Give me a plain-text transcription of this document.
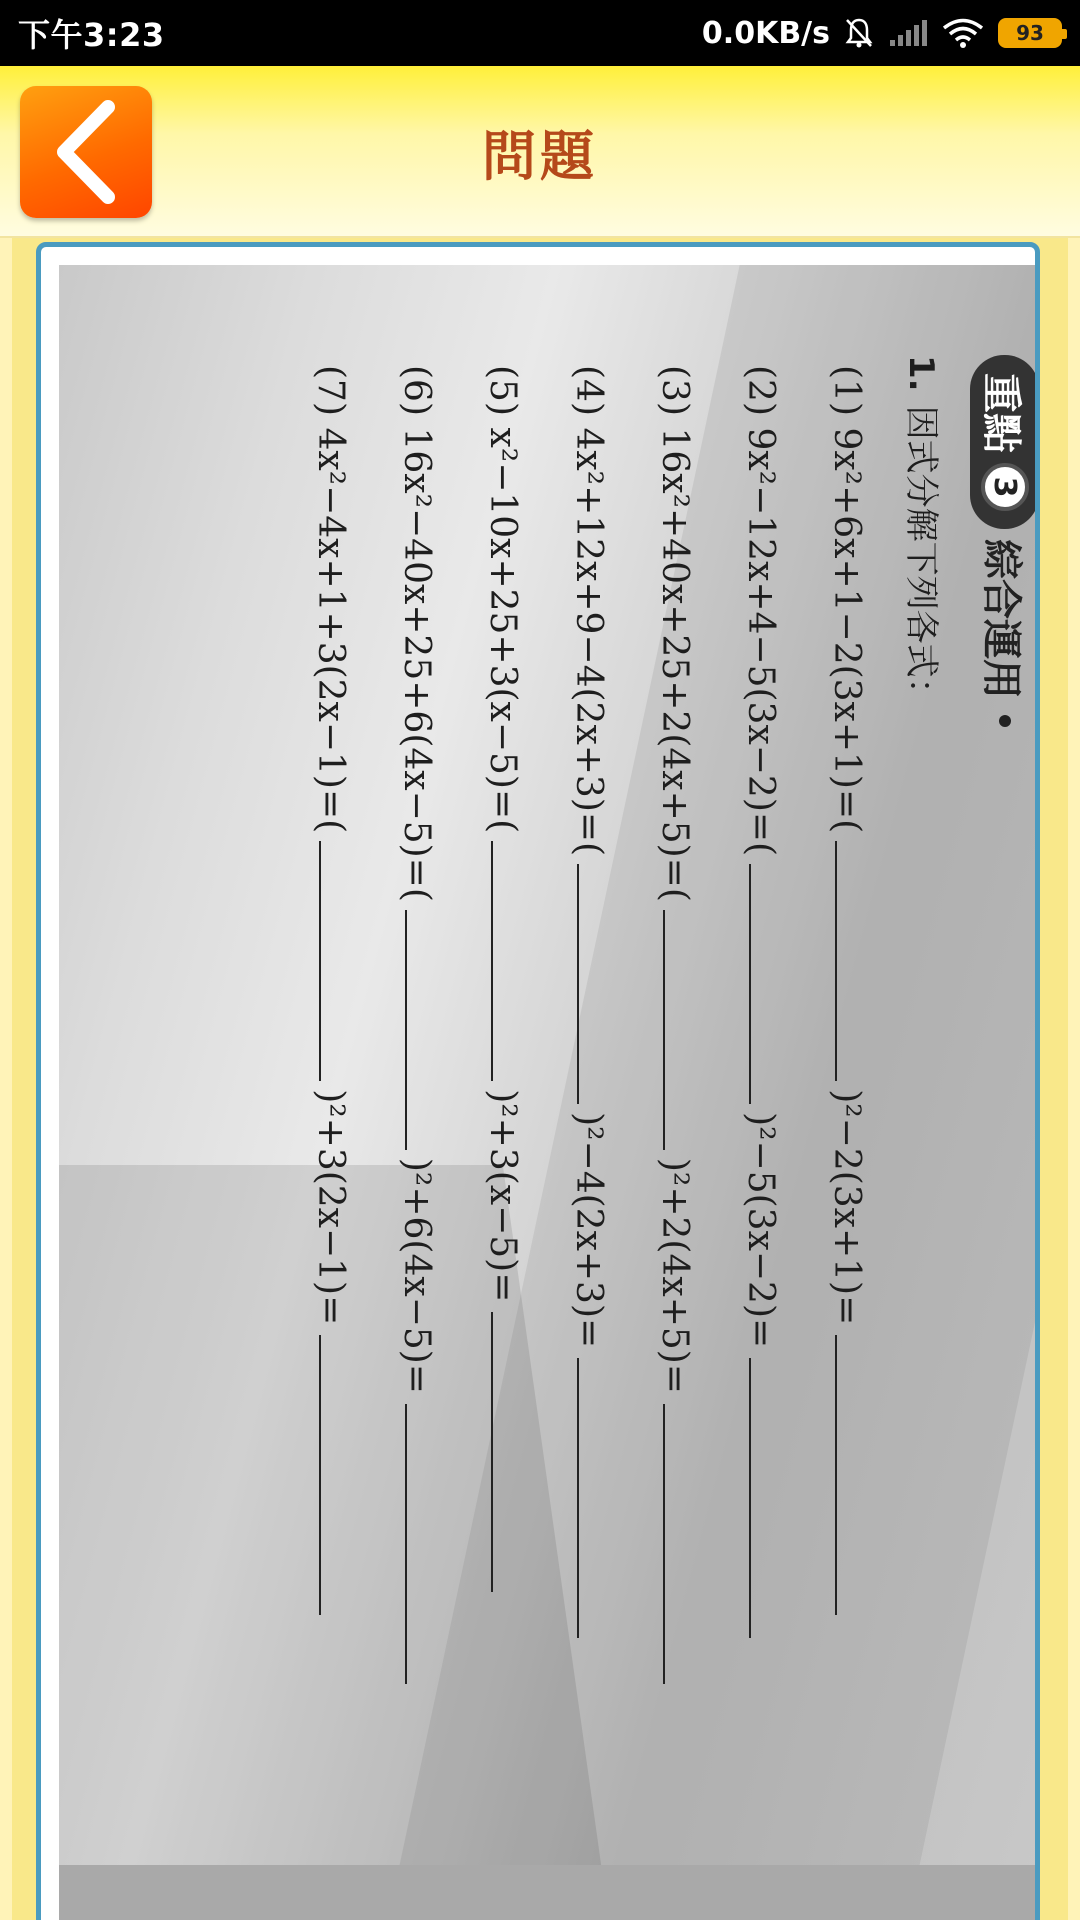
下午3:23	0.0KB/s	93
問題
重點
3
綜合運用
1.
因式分解下列各式：
(1)

9x²+6x+1−2(3x+1)=(
)²−2(3x+1)=
(2)

9x²−12x+4−5(3x−2)=(
)²−5(3x−2)=
(3)

16x²+40x+25+2(4x+5)=(
)²+2(4x+5)=
(4)

4x²+12x+9−4(2x+3)=(
)²−4(2x+3)=
(5)

x²−10x+25+3(x−5)=(
)²+3(x−5)=
(6)

16x²−40x+25+6(4x−5)=(
)²+6(4x−5)=
(7)

4x²−4x+1+3(2x−1)=(
)²+3(2x−1)=
